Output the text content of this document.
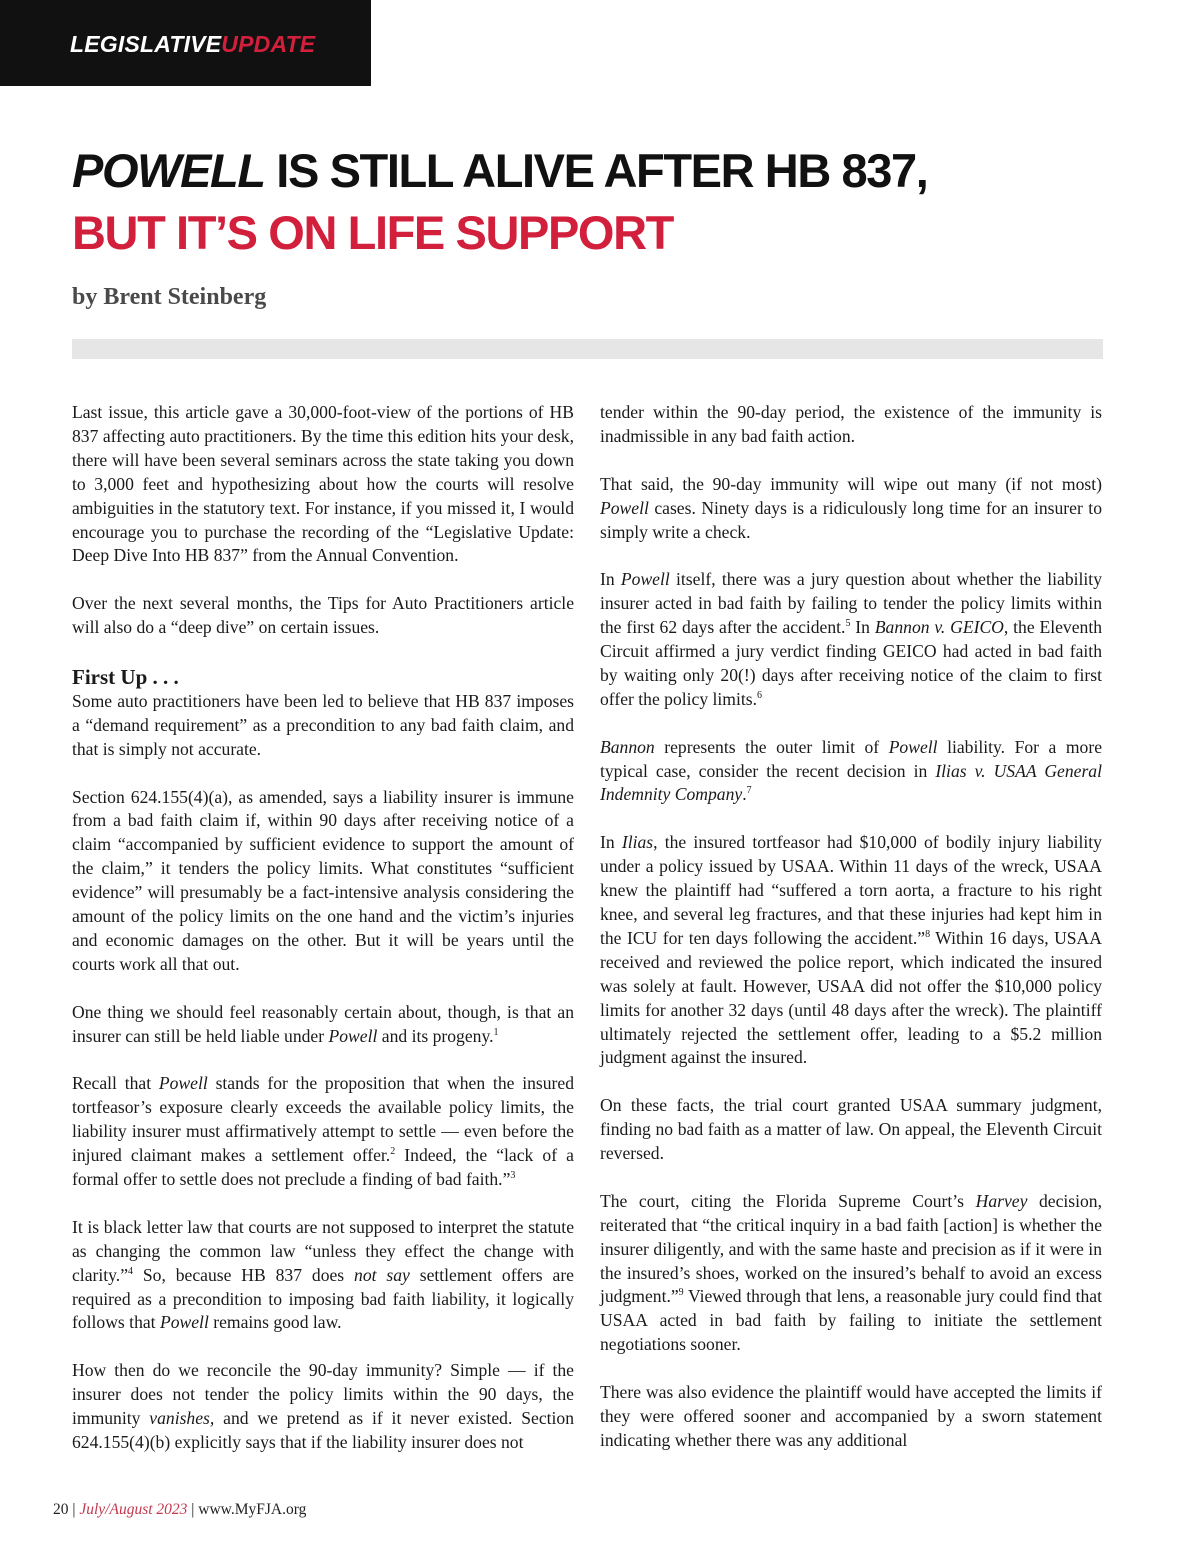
LEGISLATIVEUPDATE
POWELL IS STILL ALIVE AFTER HB 837,
BUT IT’S ON LIFE SUPPORT
by Brent Steinberg

Last issue, this article gave a 30,000-foot-view of the portions of HB 837 affecting auto practitioners. By the time this edition hits your desk, there will have been several seminars across the state taking you down to 3,000 feet and hypothesizing about how the courts will resolve ambiguities in the statutory text. For instance, if you missed it, I would encourage you to purchase the recording of the “Legislative Update: Deep Dive Into HB 837” from the Annual Convention.

Over the next several months, the Tips for Auto Practitioners article will also do a “deep dive” on certain issues.

First Up . . .

Some auto practitioners have been led to believe that HB 837 imposes a “demand requirement” as a precondition to any bad faith claim, and that is simply not accurate.

Section 624.155(4)(a), as amended, says a liability insurer is immune from a bad faith claim if, within 90 days after receiving notice of a claim “accompanied by sufficient evidence to support the amount of the claim,” it tenders the policy limits. What constitutes “sufficient evidence” will presumably be a fact-intensive analysis considering the amount of the policy limits on the one hand and the victim’s injuries and economic damages on the other. But it will be years until the courts work all that out.

One thing we should feel reasonably certain about, though, is that an insurer can still be held liable under Powell and its progeny.$^1$

Recall that Powell stands for the proposition that when the insured tortfeasor’s exposure clearly exceeds the available policy limits, the liability insurer must affirmatively attempt to settle — even before the injured claimant makes a settlement offer.$^2$ Indeed, the “lack of a formal offer to settle does not preclude a finding of bad faith.”$^3$

It is black letter law that courts are not supposed to interpret the statute as changing the common law “unless they effect the change with clarity.”$^4$ So, because HB 837 does not say settlement offers are required as a precondition to imposing bad faith liability, it logically follows that Powell remains good law.

How then do we reconcile the 90-day immunity? Simple — if the insurer does not tender the policy limits within the 90 days, the immunity vanishes, and we pretend as if it never existed. Section 624.155(4)(b) explicitly says that if the liability insurer does not

tender within the 90-day period, the existence of the immunity is inadmissible in any bad faith action.

That said, the 90-day immunity will wipe out many (if not most) Powell cases. Ninety days is a ridiculously long time for an insurer to simply write a check.

In Powell itself, there was a jury question about whether the liability insurer acted in bad faith by failing to tender the policy limits within the first 62 days after the accident.$^5$ In Bannon v. GEICO, the Eleventh Circuit affirmed a jury verdict finding GEICO had acted in bad faith by waiting only 20(!) days after receiving notice of the claim to first offer the policy limits.$^6$

Bannon represents the outer limit of Powell liability. For a more typical case, consider the recent decision in Ilias v. USAA General Indemnity Company.$^7$

In Ilias, the insured tortfeasor had $10,000 of bodily injury liability under a policy issued by USAA. Within 11 days of the wreck, USAA knew the plaintiff had “suffered a torn aorta, a fracture to his right knee, and several leg fractures, and that these injuries had kept him in the ICU for ten days following the accident.”$^8$ Within 16 days, USAA received and reviewed the police report, which indicated the insured was solely at fault. However, USAA did not offer the $10,000 policy limits for another 32 days (until 48 days after the wreck). The plaintiff ultimately rejected the settlement offer, leading to a $5.2 million judgment against the insured.

On these facts, the trial court granted USAA summary judgment, finding no bad faith as a matter of law. On appeal, the Eleventh Circuit reversed.

The court, citing the Florida Supreme Court’s Harvey decision, reiterated that “the critical inquiry in a bad faith [action] is whether the insurer diligently, and with the same haste and precision as if it were in the insured’s shoes, worked on the insured’s behalf to avoid an excess judgment.”$^9$ Viewed through that lens, a reasonable jury could find that USAA acted in bad faith by failing to initiate the settlement negotiations sooner.

There was also evidence the plaintiff would have accepted the limits if they were offered sooner and accompanied by a sworn statement indicating whether there was any additional

20 | July/August 2023 | www.MyFJA.org
